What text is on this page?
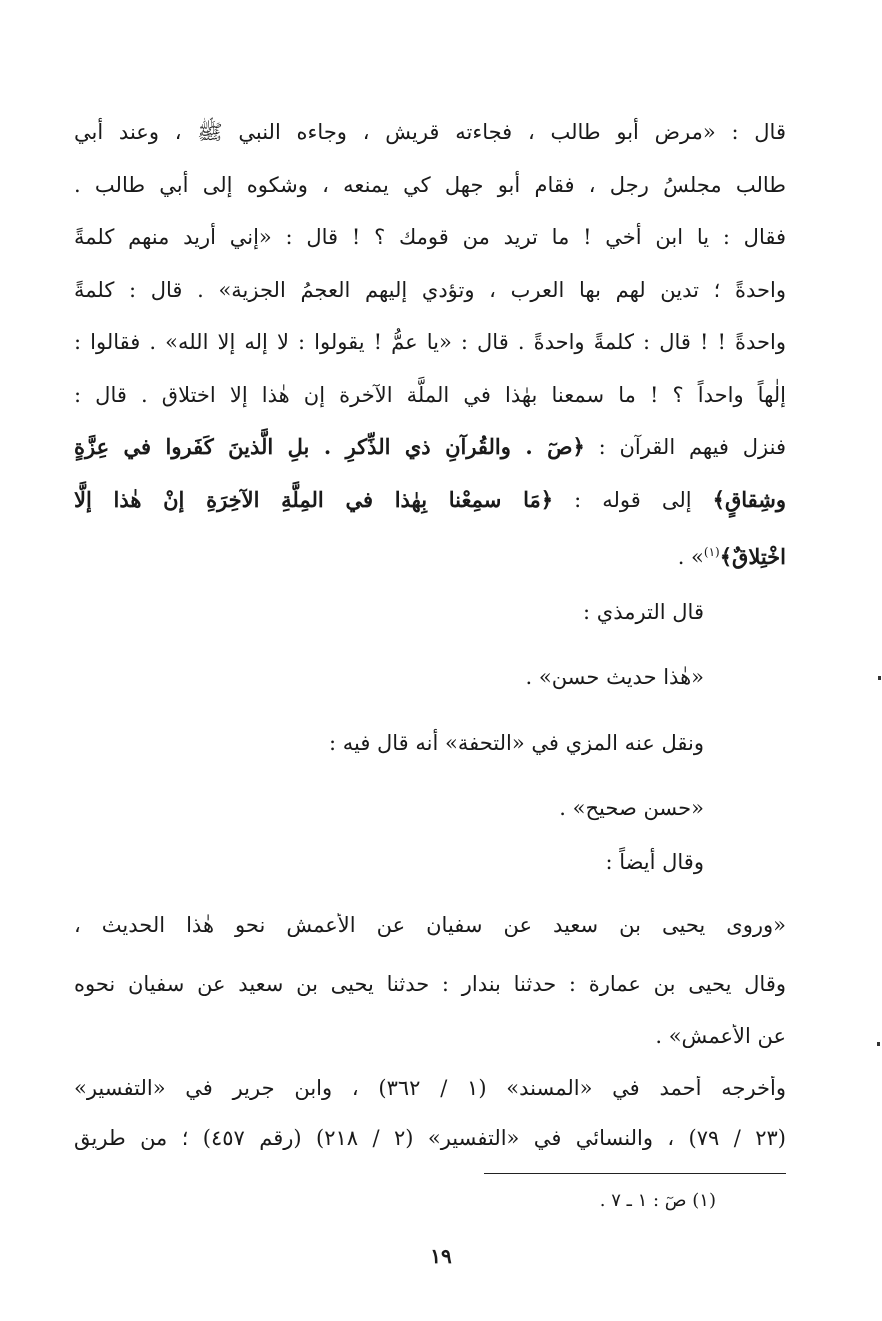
قال : «مرض أبو طالب ، فجاءته قريش ، وجاءه النبي ﷺ ، وعند أبي
طالب مجلسُ رجل ، فقام أبو جهل كي يمنعه ، وشكوه إلى أبي طالب .
فقال : يا ابن أخي ! ما تريد من قومك ؟ ! قال : «إني أريد منهم كلمةً
واحدةً ؛ تدين لهم بها العرب ، وتؤدي إليهم العجمُ الجزية» . قال : كلمةً
واحدةً ! ! قال : كلمةً واحدةً . قال : «يا عمُّ ! يقولوا : لا إله إلا الله» . فقالوا :
إلٰهاً واحداً ؟ ! ما سمعنا بهٰذا في الملَّة الآخرة إن هٰذا إلا اختلاق . قال :
فنزل فيهم القرآن : ﴿صٓ . والقُرآنِ ذي الذِّكرِ . بلِ الَّذينَ كَفَروا في عِزَّةٍ
وشِقاقٍ﴾ إلى قوله : ﴿مَا سمِعْنا بِهٰذا في المِلَّةِ الآخِرَةِ إنْ هٰذا إلَّا
اخْتِلاقٌ﴾$^{(١)}$» .
قال الترمذي :
«هٰذا حديث حسن» .
ونقل عنه المزي في «التحفة» أنه قال فيه :
«حسن صحيح» .
وقال أيضاً :
«وروى يحيى بن سعيد عن سفيان عن الأعمش نحو هٰذا الحديث ،
وقال يحيى بن عمارة : حدثنا بندار : حدثنا يحيى بن سعيد عن سفيان نحوه
عن الأعمش» .
وأخرجه أحمد في «المسند» (١ / ٣٦٢) ، وابن جرير في «التفسير»
(٢٣ / ٧٩) ، والنسائي في «التفسير» (٢ / ٢١٨) (رقم ٤٥٧) ؛ من طريق
(١) صٓ : ١ ـ ٧ .
١٩
